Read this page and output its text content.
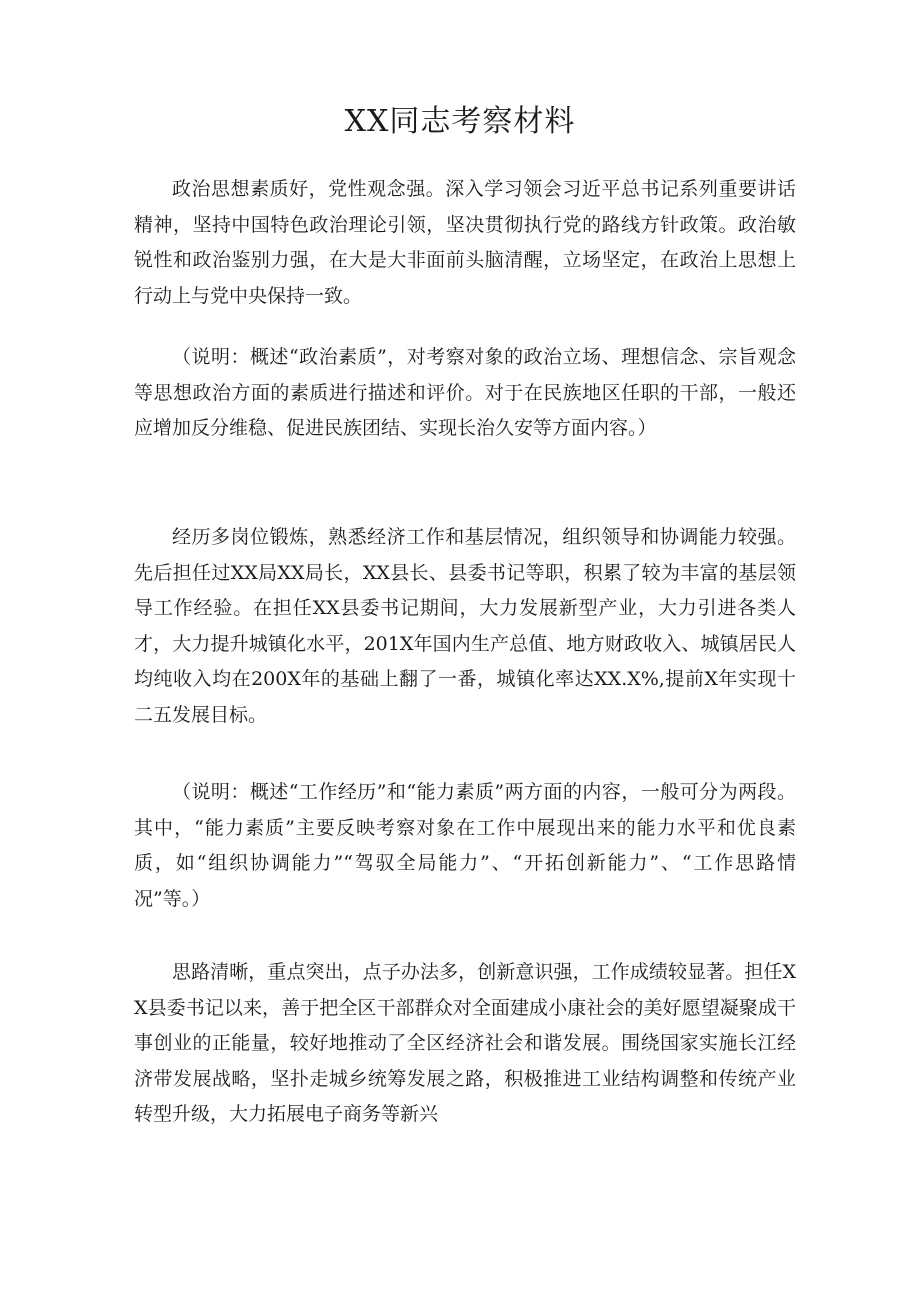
XX同志考察材料

政治思想素质好，党性观念强。深入学习领会习近平总书记系列重要讲话精神，坚持中国特色政治理论引领，坚决贯彻执行党的路线方针政策。政治敏锐性和政治鉴别力强，在大是大非面前头脑清醒，立场坚定，在政治上思想上行动上与党中央保持一致。

（说明：概述“政治素质”，对考察对象的政治立场、理想信念、宗旨观念等思想政治方面的素质进行描述和评价。对于在民族地区任职的干部，一般还应增加反分维稳、促进民族团结、实现长治久安等方面内容。）

经历多岗位锻炼，熟悉经济工作和基层情况，组织领导和协调能力较强。先后担任过XX局XX局长，XX县长、县委书记等职，积累了较为丰富的基层领导工作经验。在担任XX县委书记期间，大力发展新型产业，大力引进各类人才，大力提升城镇化水平，201X年国内生产总值、地方财政收入、城镇居民人均纯收入均在200X年的基础上翻了一番，城镇化率达XX.X%,提前X年实现十二五发展目标。

（说明：概述“工作经历”和“能力素质”两方面的内容，一般可分为两段。其中，“能力素质”主要反映考察对象在工作中展现出来的能力水平和优良素质，如“组织协调能力”“驾驭全局能力”、“开拓创新能力”、“工作思路情况”等。）

思路清晰，重点突出，点子办法多，创新意识强，工作成绩较显著。担任XX县委书记以来，善于把全区干部群众对全面建成小康社会的美好愿望凝聚成干事创业的正能量，较好地推动了全区经济社会和谐发展。围绕国家实施长江经济带发展战略，坚扑走城乡统筹发展之路，积极推进工业结构调整和传统产业转型升级，大力拓展电子商务等新兴
